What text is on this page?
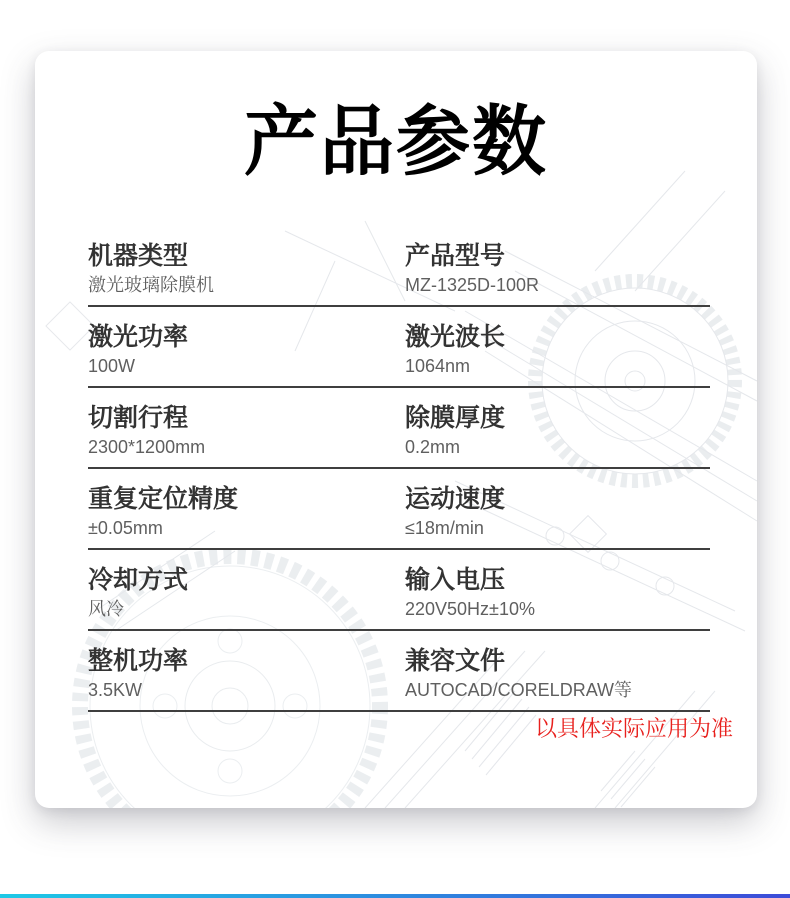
产品参数
机器类型
激光玻璃除膜机
产品型号
MZ-1325D-100R
激光功率
100W
激光波长
1064nm
切割行程
2300*1200mm
除膜厚度
0.2mm
重复定位精度
±0.05mm
运动速度
≤18m/min
冷却方式
风冷
输入电压
220V50Hz±10%
整机功率
3.5KW
兼容文件
AUTOCAD/CORELDRAW等
以具体实际应用为准
